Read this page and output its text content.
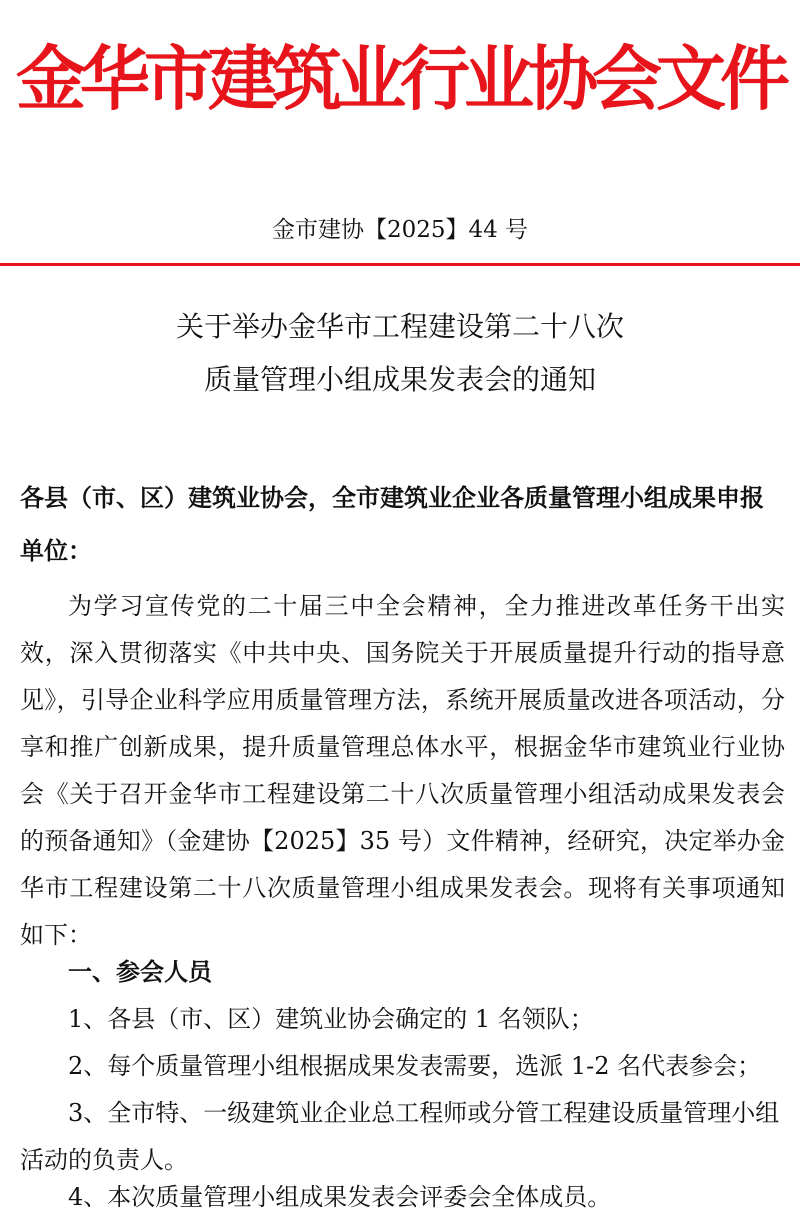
金华市建筑业行业协会文件
金市建协【2025】44 号
关于举办金华市工程建设第二十八次
质量管理小组成果发表会的通知

各县（市、区）建筑业协会，全市建筑业企业各质量管理小组成果申报单位：

为学习宣传党的二十届三中全会精神，全力推进改革任务干出实效，深入贯彻落实《中共中央、国务院关于开展质量提升行动的指导意见》，引导企业科学应用质量管理方法，系统开展质量改进各项活动，分享和推广创新成果，提升质量管理总体水平，根据金华市建筑业行业协会《关于召开金华市工程建设第二十八次质量管理小组活动成果发表会的预备通知》（金建协【2025】35 号）文件精神，经研究，决定举办金华市工程建设第二十八次质量管理小组成果发表会。现将有关事项通知如下：

一、参会人员

1、各县（市、区）建筑业协会确定的 1 名领队；

2、每个质量管理小组根据成果发表需要，选派 1-2 名代表参会；

3、全市特、一级建筑业企业总工程师或分管工程建设质量管理小组活动的负责人。

4、本次质量管理小组成果发表会评委会全体成员。
